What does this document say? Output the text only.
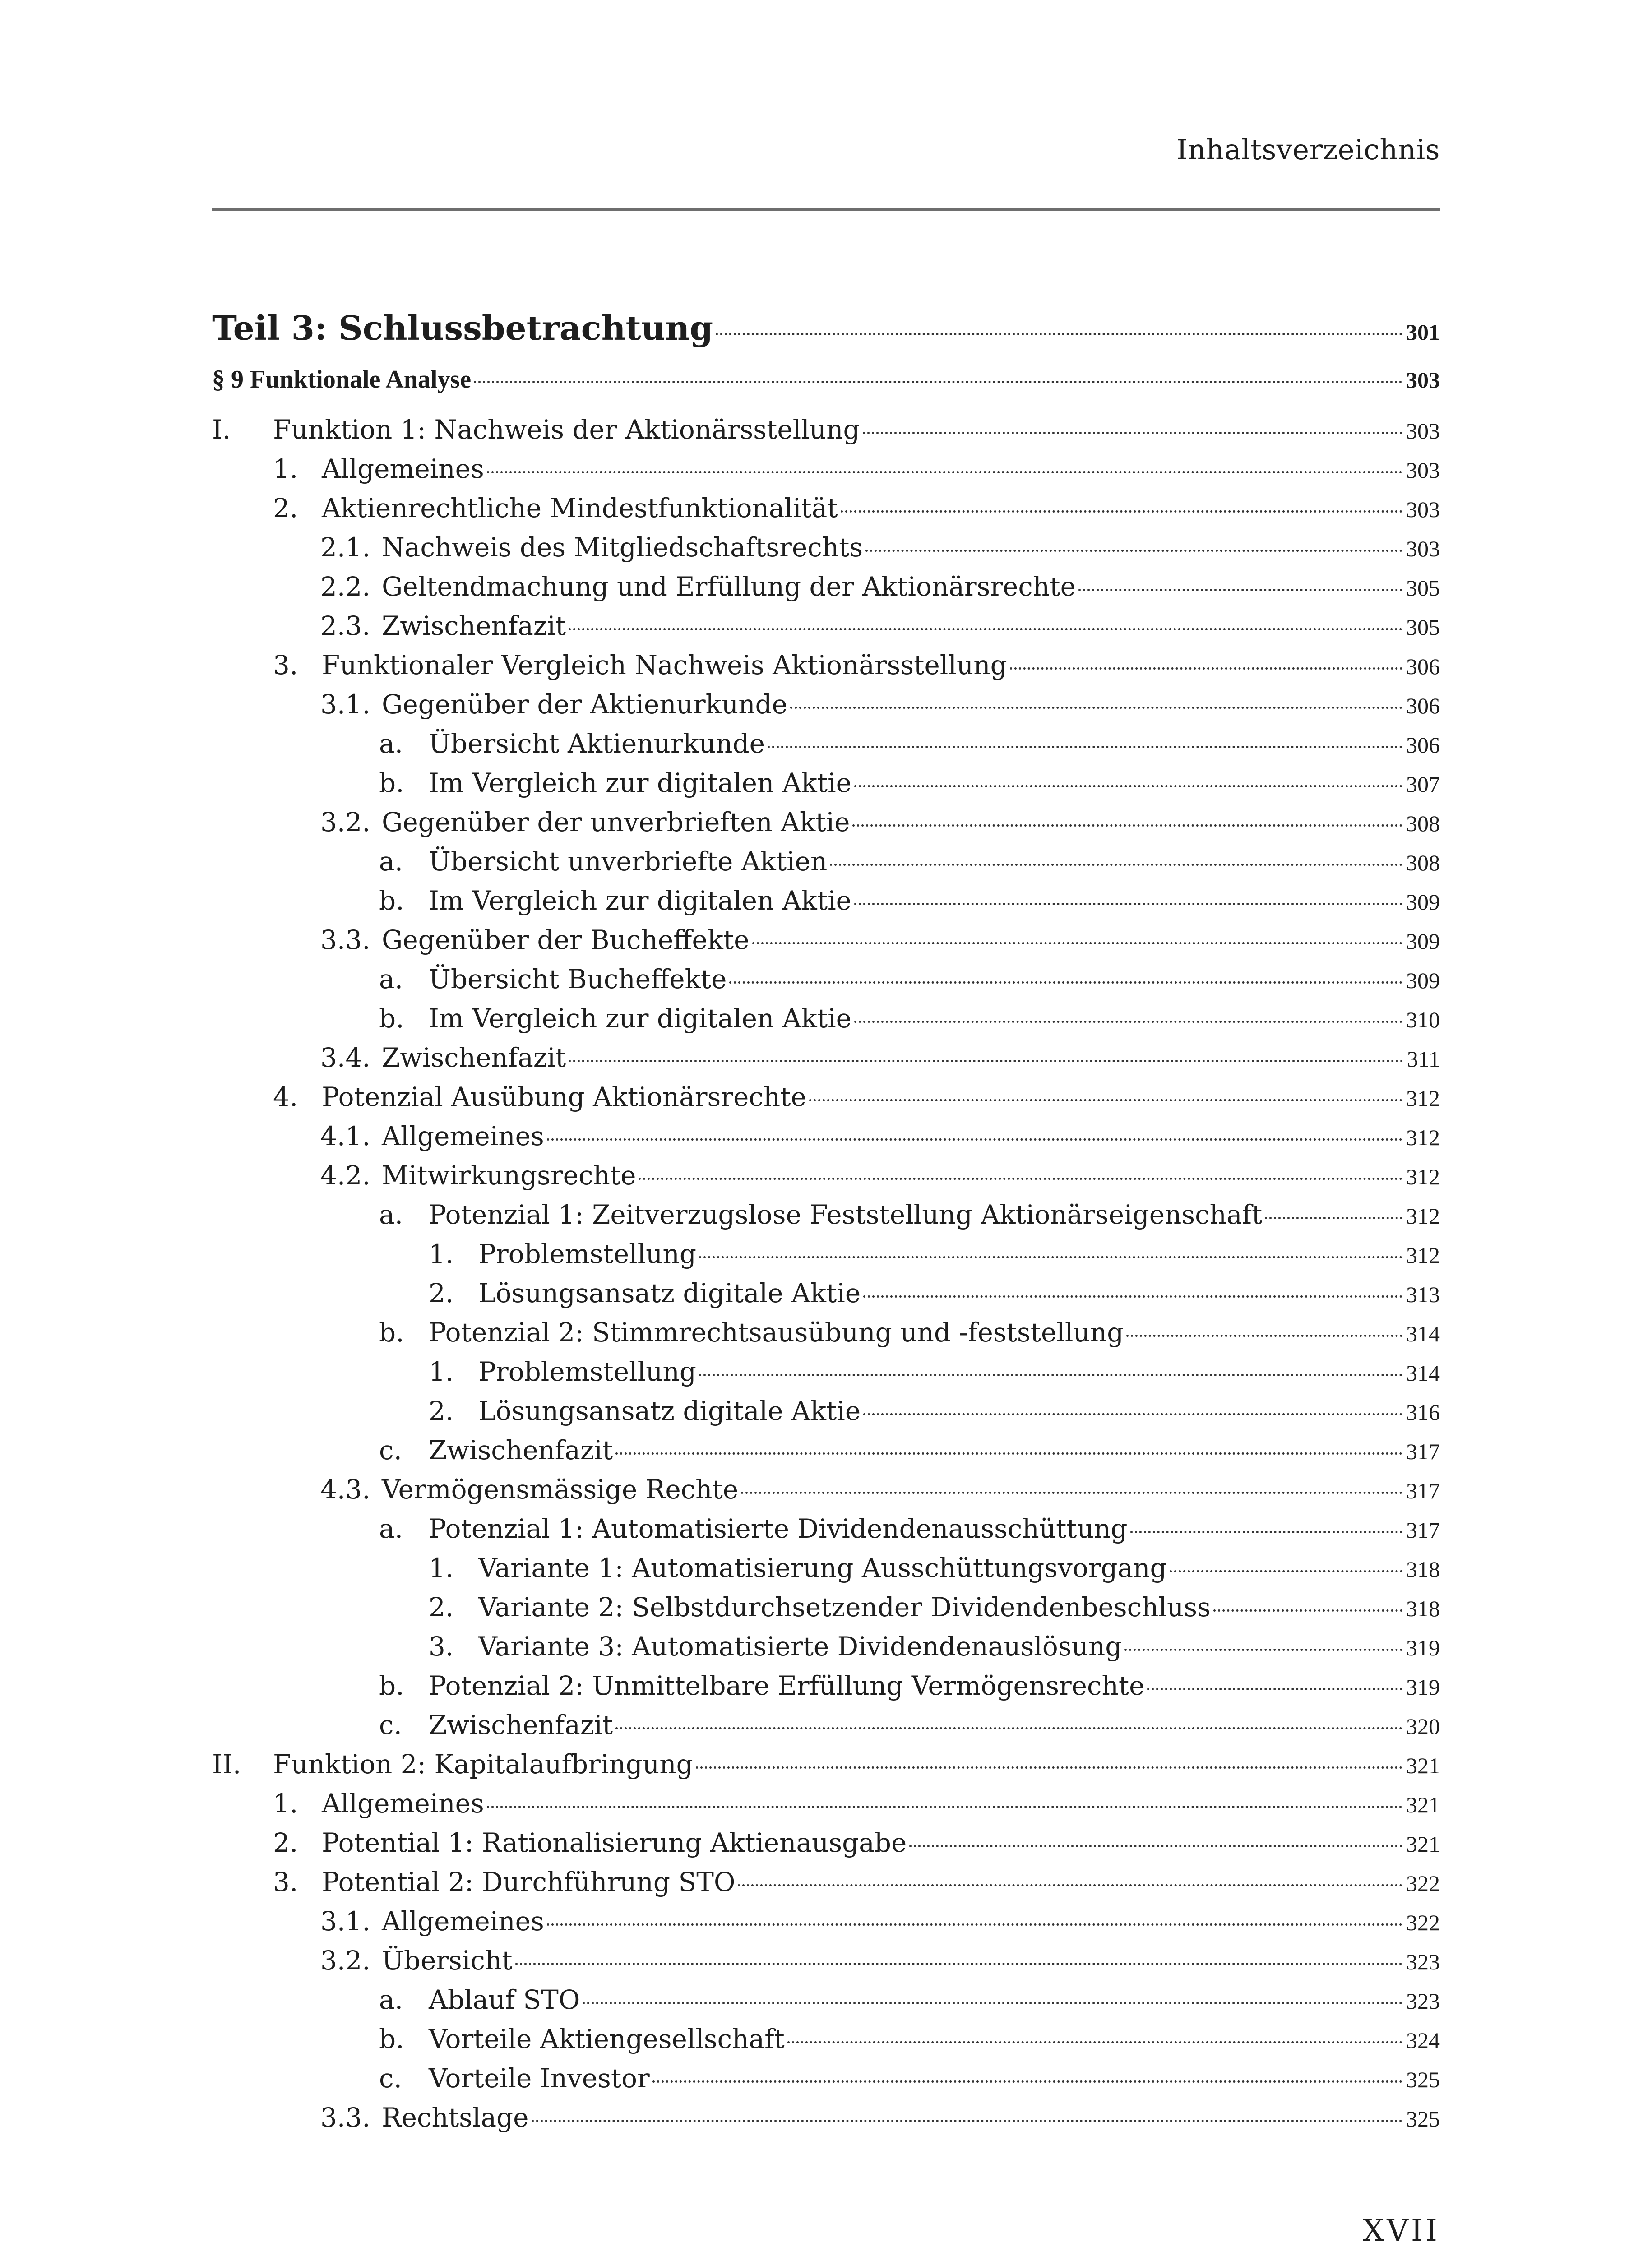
Inhaltsverzeichnis
Teil 3: Schlussbetrachtung	301
§ 9 Funktionale Analyse	303
I.	Funktion 1: Nachweis der Aktionärsstellung	303
1. Allgemeines	303
2. Aktienrechtliche Mindestfunktionalität	303
2.1. Nachweis des Mitgliedschaftsrechts	303
2.2. Geltendmachung und Erfüllung der Aktionärsrechte	305
2.3. Zwischenfazit	305
3. Funktionaler Vergleich Nachweis Aktionärsstellung	306
3.1. Gegenüber der Aktienurkunde	306
a. Übersicht Aktienurkunde	306
b. Im Vergleich zur digitalen Aktie	307
3.2. Gegenüber der unverbrieften Aktie	308
a. Übersicht unverbriefte Aktien	308
b. Im Vergleich zur digitalen Aktie	309
3.3. Gegenüber der Bucheffekte	309
a. Übersicht Bucheffekte	309
b. Im Vergleich zur digitalen Aktie	310
3.4. Zwischenfazit	311
4. Potenzial Ausübung Aktionärsrechte	312
4.1. Allgemeines	312
4.2. Mitwirkungsrechte	312
a. Potenzial 1: Zeitverzugslose Feststellung Aktionärseigenschaft	312
1. Problemstellung	312
2. Lösungsansatz digitale Aktie	313
b. Potenzial 2: Stimmrechtsausübung und -feststellung	314
1. Problemstellung	314
2. Lösungsansatz digitale Aktie	316
c.	Zwischenfazit	317
4.3. Vermögensmässige Rechte	317
a. Potenzial 1: Automatisierte Dividendenausschüttung	317
1. Variante 1: Automatisierung Ausschüttungsvorgang	318
2. Variante 2: Selbstdurchsetzender Dividendenbeschluss	318
3. Variante 3: Automatisierte Dividendenauslösung	319
b. Potenzial 2: Unmittelbare Erfüllung Vermögensrechte	319
c.	Zwischenfazit	320
II.	Funktion 2: Kapitalaufbringung	321
1. Allgemeines	321
2. Potential 1: Rationalisierung Aktienausgabe	321
3. Potential 2: Durchführung STO	322
3.1. Allgemeines	322
3.2. Übersicht	323
a. Ablauf STO	323
b. Vorteile Aktiengesellschaft	324
c.	Vorteile Investor	325
3.3. Rechtslage	325
XVII
